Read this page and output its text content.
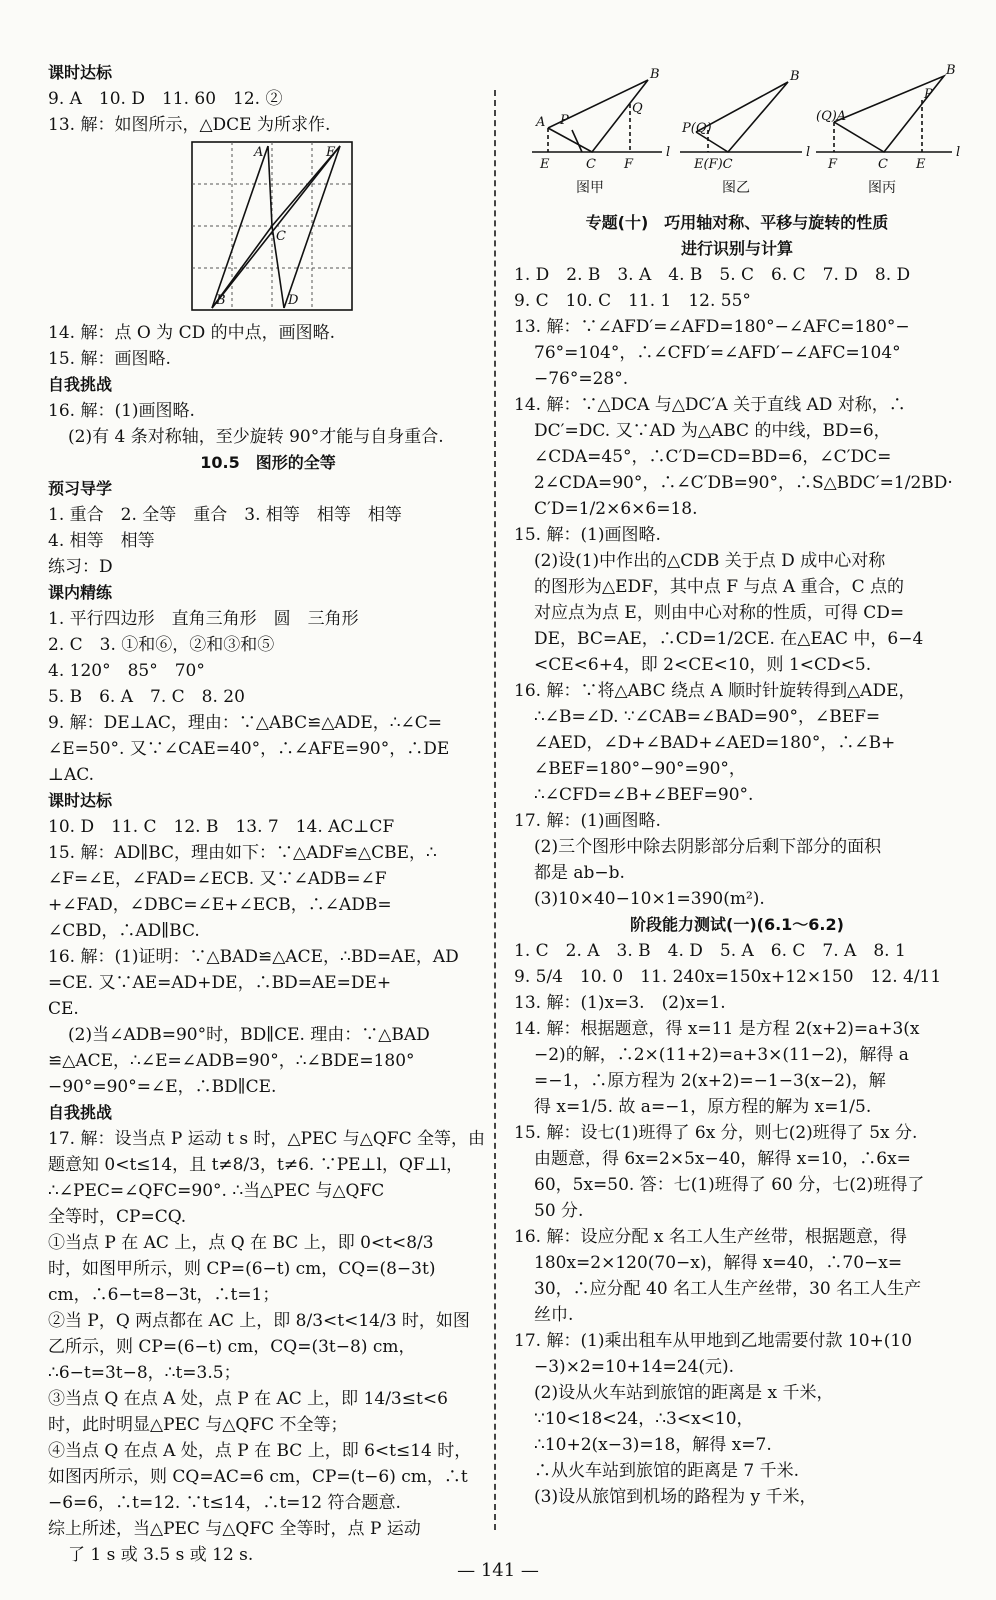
课时达标
9. A　10. D　11. 60　12. ②
13. 解：如图所示，△DCE 为所求作.
A	E
C
B	D
14. 解：点 O 为 CD 的中点，画图略.
15. 解：画图略.
自我挑战
16. 解：(1)画图略.
(2)有 4 条对称轴，至少旋转 90°才能与自身重合.
10.5　图形的全等
预习导学
1. 重合　2. 全等　重合　3. 相等　相等　相等
4. 相等　相等
练习：D
课内精练
1. 平行四边形　直角三角形　圆　三角形
2. C　3. ①和⑥，②和③和⑤
4. 120°　85°　70°
5. B　6. A　7. C　8. 20
9. 解：DE⊥AC，理由：∵△ABC≌△ADE，∴∠C=
∠E=50°. 又∵∠CAE=40°，∴∠AFE=90°，∴DE
⊥AC.
课时达标
10. D　11. C　12. B　13. 7　14. AC⊥CF
15. 解：AD∥BC，理由如下：∵△ADF≌△CBE，∴
∠F=∠E，∠FAD=∠ECB. 又∵∠ADB=∠F
+∠FAD，∠DBC=∠E+∠ECB，∴∠ADB=
∠CBD，∴AD∥BC.
16. 解：(1)证明：∵△BAD≌△ACE，∴BD=AE，AD
=CE. 又∵AE=AD+DE，∴BD=AE=DE+
CE.
(2)当∠ADB=90°时，BD∥CE. 理由：∵△BAD
≌△ACE，∴∠E=∠ADB=90°，∴∠BDE=180°
−90°=90°=∠E，∴BD∥CE.
自我挑战
17. 解：设当点 P 运动 t s 时，△PEC 与△QFC 全等，由
题意知 0<t≤14，且 t≠8/3，t≠6. ∵PE⊥l，QF⊥l，
∴∠PEC=∠QFC=90°. ∴当△PEC 与△QFC
全等时，CP=CQ.
①当点 P 在 AC 上，点 Q 在 BC 上，即 0<t<8/3
时，如图甲所示，则 CP=(6−t) cm，CQ=(8−3t)
cm，∴6−t=8−3t，∴t=1；
②当 P，Q 两点都在 AC 上，即 8/3<t<14/3 时，如图
乙所示，则 CP=(6−t) cm，CQ=(3t−8) cm，
∴6−t=3t−8，∴t=3.5；
③当点 Q 在点 A 处，点 P 在 AC 上，即 14/3≤t<6
时，此时明显△PEC 与△QFC 不全等；
④当点 Q 在点 A 处，点 P 在 BC 上，即 6<t≤14 时，
如图丙所示，则 CQ=AC=6 cm，CP=(t−6) cm，∴t
−6=6，∴t=12. ∵t≤14，∴t=12 符合题意.
综上所述，当△PEC 与△QFC 全等时，点 P 运动
了 1 s 或 3.5 s 或 12 s.
A P
B
Q
E	C F
l
P(Q)
B
E(F)C
l
(Q)A
B
P
F	C E
l
图甲	图乙	图丙
专题(十)　巧用轴对称、平移与旋转的性质
进行识别与计算
1. D　2. B　3. A　4. B　5. C　6. C　7. D　8. D
9. C　10. C　11. 1　12. 55°
13. 解：∵∠AFD′=∠AFD=180°−∠AFC=180°−
76°=104°，∴∠CFD′=∠AFD′−∠AFC=104°
−76°=28°.
14. 解：∵△DCA 与△DC′A 关于直线 AD 对称，∴
DC′=DC. 又∵AD 为△ABC 的中线，BD=6，
∠CDA=45°，∴C′D=CD=BD=6，∠C′DC=
2∠CDA=90°，∴∠C′DB=90°，∴S△BDC′=1/2BD·
C′D=1/2×6×6=18.
15. 解：(1)画图略.
(2)设(1)中作出的△CDB 关于点 D 成中心对称
的图形为△EDF，其中点 F 与点 A 重合，C 点的
对应点为点 E，则由中心对称的性质，可得 CD=
DE，BC=AE，∴CD=1/2CE. 在△EAC 中，6−4
<CE<6+4，即 2<CE<10，则 1<CD<5.
16. 解：∵将△ABC 绕点 A 顺时针旋转得到△ADE，
∴∠B=∠D. ∵∠CAB=∠BAD=90°，∠BEF=
∠AED，∠D+∠BAD+∠AED=180°，∴∠B+
∠BEF=180°−90°=90°，
∴∠CFD=∠B+∠BEF=90°.
17. 解：(1)画图略.
(2)三个图形中除去阴影部分后剩下部分的面积
都是 ab−b.
(3)10×40−10×1=390(m²).
阶段能力测试(一)(6.1～6.2)
1. C　2. A　3. B　4. D　5. A　6. C　7. A　8. 1
9. 5/4　10. 0　11. 240x=150x+12×150　12. 4/11
13. 解：(1)x=3.　(2)x=1.
14. 解：根据题意，得 x=11 是方程 2(x+2)=a+3(x
−2)的解，∴2×(11+2)=a+3×(11−2)，解得 a
=−1，∴原方程为 2(x+2)=−1−3(x−2)，解
得 x=1/5. 故 a=−1，原方程的解为 x=1/5.
15. 解：设七(1)班得了 6x 分，则七(2)班得了 5x 分.
由题意，得 6x=2×5x−40，解得 x=10，∴6x=
60，5x=50. 答：七(1)班得了 60 分，七(2)班得了
50 分.
16. 解：设应分配 x 名工人生产丝带，根据题意，得
180x=2×120(70−x)，解得 x=40，∴70−x=
30，∴应分配 40 名工人生产丝带，30 名工人生产
丝巾.
17. 解：(1)乘出租车从甲地到乙地需要付款 10+(10
−3)×2=10+14=24(元).
(2)设从火车站到旅馆的距离是 x 千米，
∵10<18<24，∴3<x<10，
∴10+2(x−3)=18，解得 x=7.
∴从火车站到旅馆的距离是 7 千米.
(3)设从旅馆到机场的路程为 y 千米，
— 141 —
